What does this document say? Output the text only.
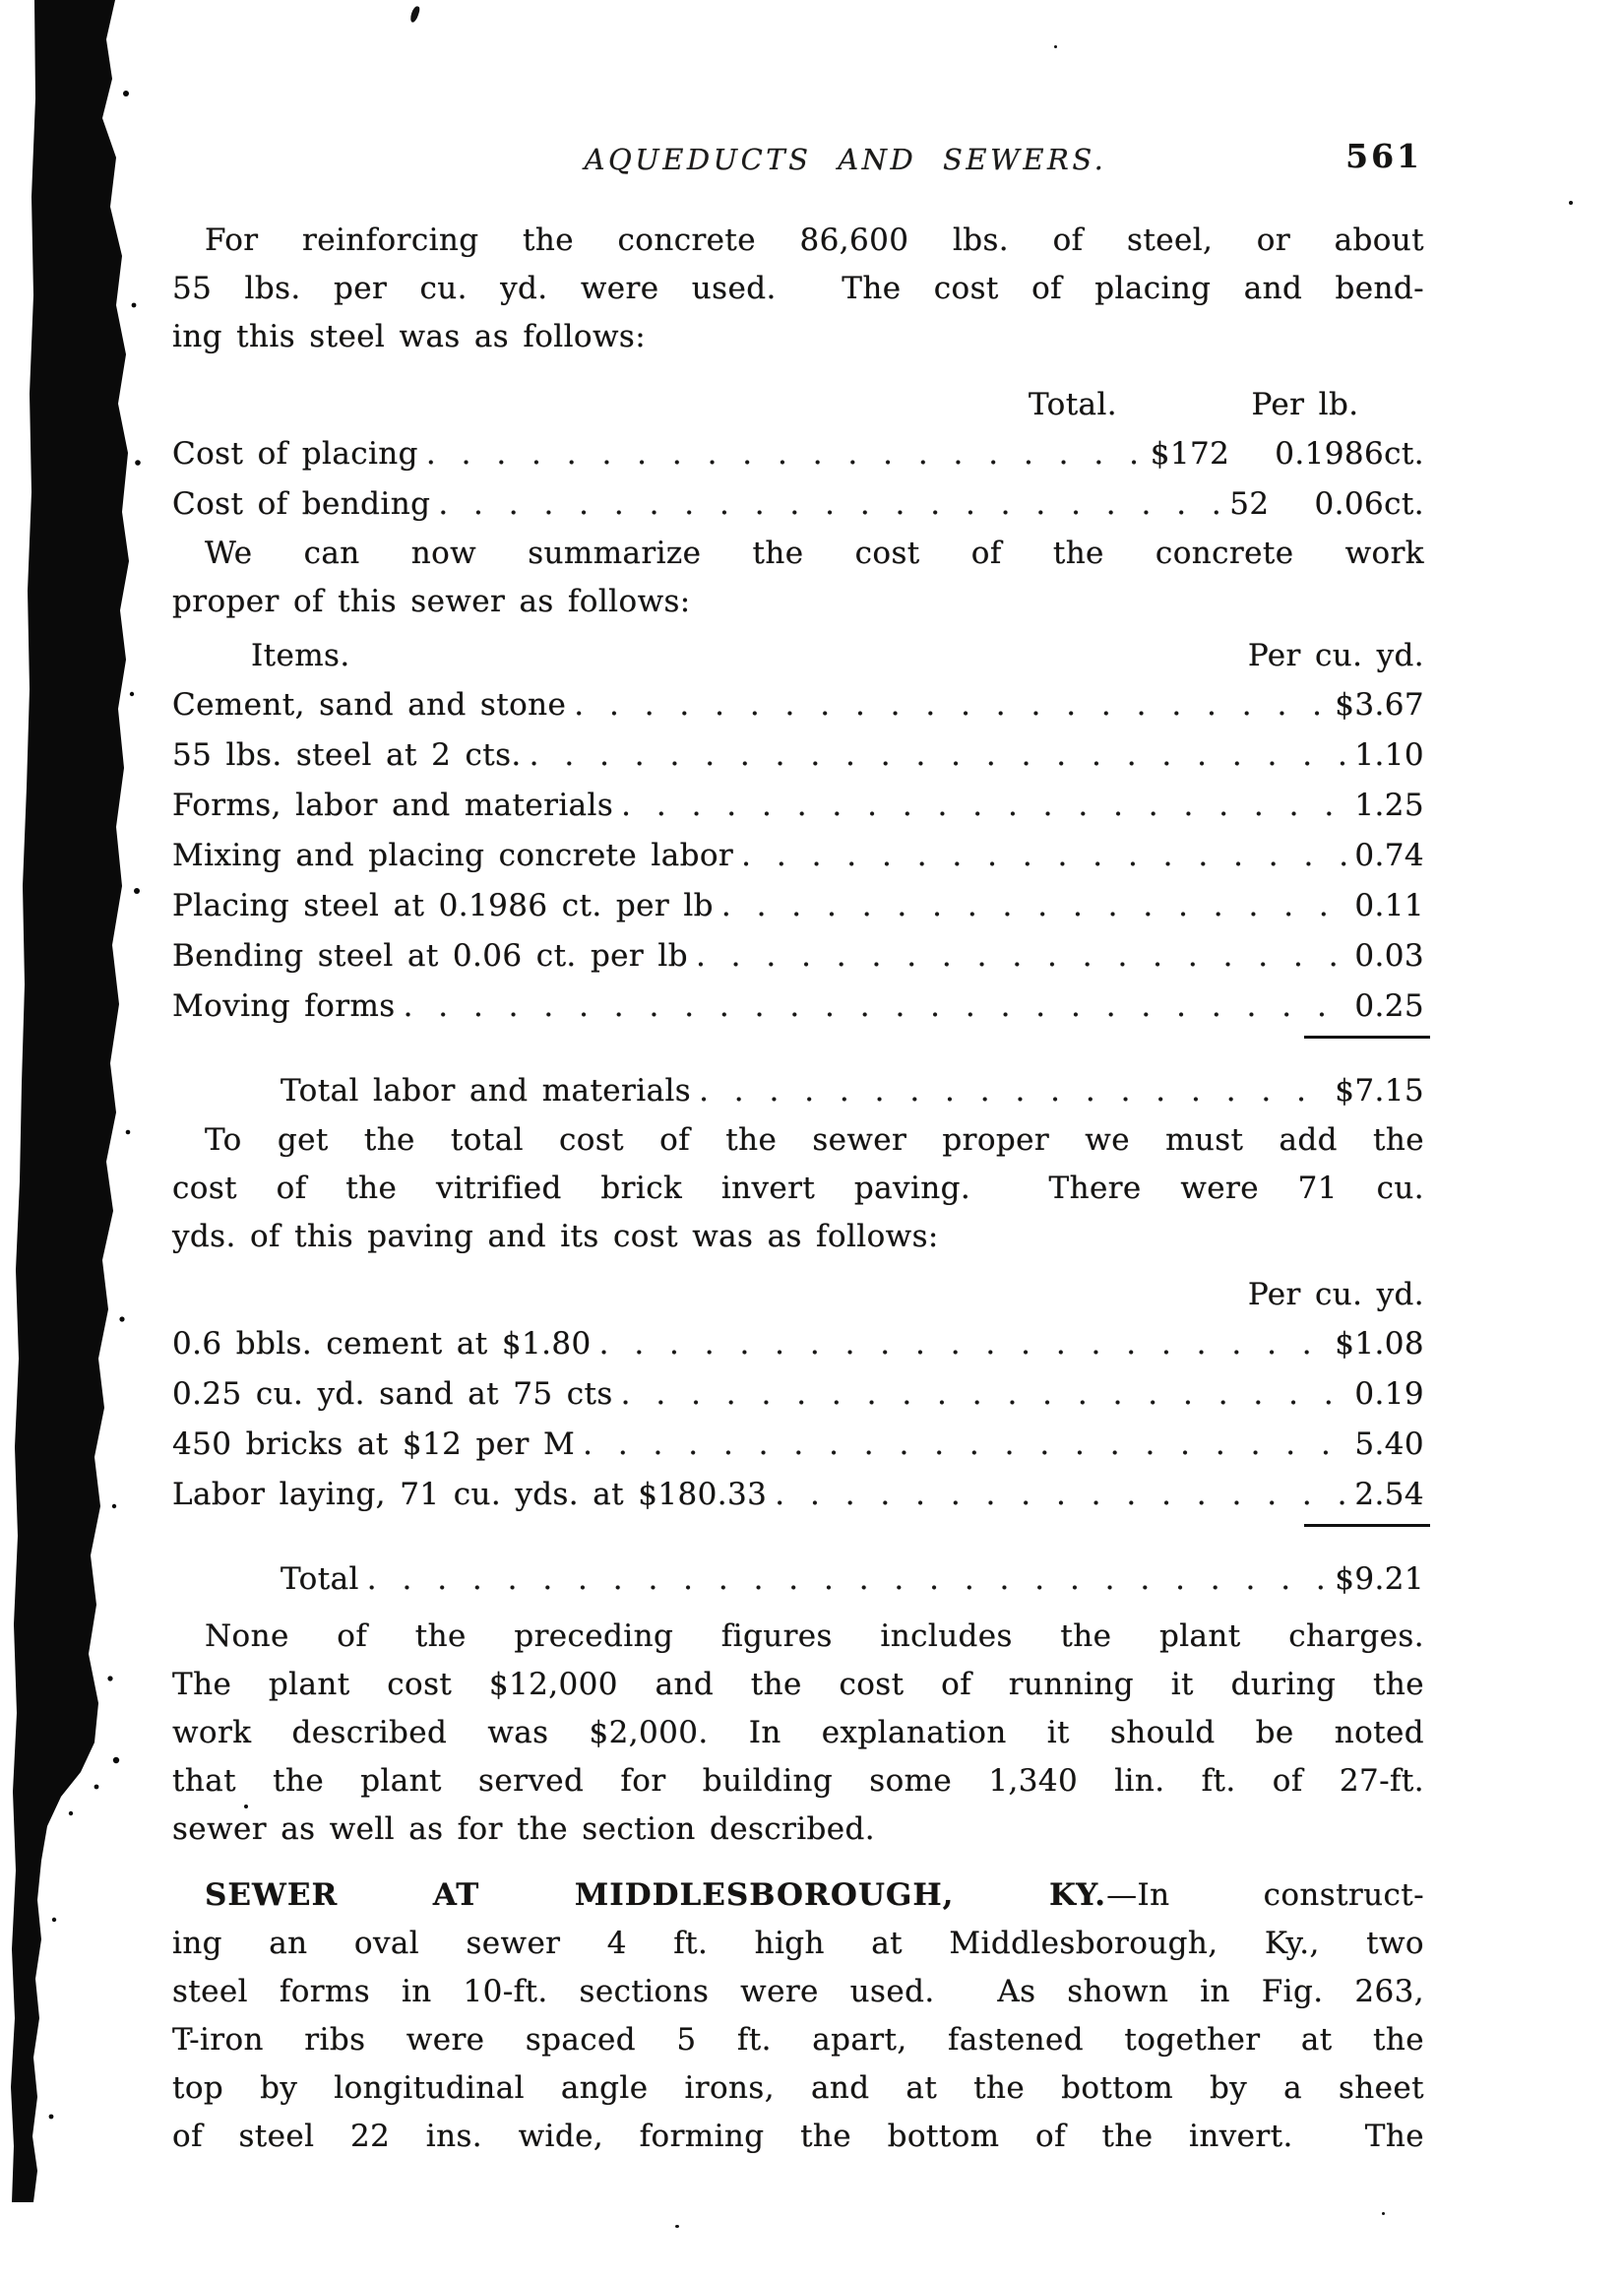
AQUEDUCTS AND SEWERS.	561
For reinforcing the concrete 86,600 lbs. of steel, or about
55 lbs. per cu. yd. were used.  The cost of placing and bend-
ing this steel was as follows:
Total.	Per lb.
Cost of placing . . .	$172 0.1986 ct.
Cost of bending . . .	52 0.06 ct.
We can now summarize the cost of the concrete work
proper of this sewer as follows:
Items.	Per cu. yd.
Cement, sand and stone . . .	$3.67
55 lbs. steel at 2 cts. . . .	1.10
Forms, labor and materials . . .	1.25
Mixing and placing concrete labor . . .	0.74
Placing steel at 0.1986 ct. per lb . . .	0.11
Bending steel at 0.06 ct. per lb . . .	0.03
Moving forms . . .	0.25
Total labor and materials . . .	$7.15
To get the total cost of the sewer proper we must add the
cost of the vitrified brick invert paving.  There were 71 cu.
yds. of this paving and its cost was as follows:
Per cu. yd.
0.6 bbls. cement at $1.80 . . .	$1.08
0.25 cu. yd. sand at 75 cts . . .	0.19
450 bricks at $12 per M . . .	5.40
Labor laying, 71 cu. yds. at $180.33 . . .	2.54
Total . . .	$9.21
None of the preceding figures includes the plant charges.
The plant cost $12,000 and the cost of running it during the
work described was $2,000. In explanation it should be noted
that the plant served for building some 1,340 lin. ft. of 27-ft.
sewer as well as for the section described.
SEWER AT MIDDLESBOROUGH, KY.—In construct-
ing an oval sewer 4 ft. high at Middlesborough, Ky., two
steel forms in 10-ft. sections were used.  As shown in Fig. 263,
T-iron ribs were spaced 5 ft. apart, fastened together at the
top by longitudinal angle irons, and at the bottom by a sheet
of steel 22 ins. wide, forming the bottom of the invert.  The
